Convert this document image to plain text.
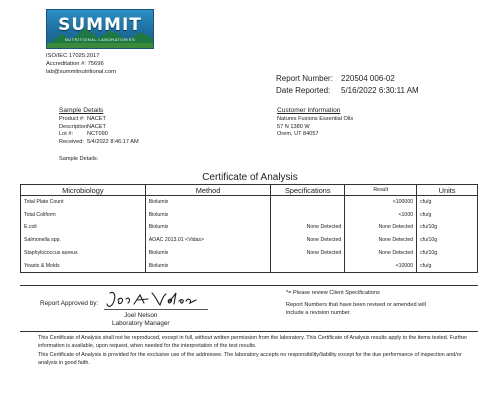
SUMMIT
NUTRITIONAL LABORATORIES
ISO/IEC 17025:2017
Accreditation #: 75696
lab@summitnutritional.com
Report Number:	220504 006-02
Date Reported:	5/16/2022 6:30:11 AM
Sample Details
Product #: NACET
Description:
NACET
Lot #:	NCT090
Received: 5/4/2022 8:46:17 AM
Sample Details:
Customer Information
Natures Fusions Essential Oils
57 N 1380 W
Orem, UT 84057
Certificate of Analysis
Microbiology	Method	Specifications	Result	Units
Total Plate Count	Biolumix		<100000	cfu/g
Total Coliform	Biolumix		<1000	cfu/g
E.coli	Biolumix	None Detected	None Detected	cfu/10g
Salmonella spp.	AOAC 2013.01 <Vidas>	None Detected	None Detected	cfu/10g
Staphylococcus aureus	Biolumix	None Detected	None Detected	cfu/10g
Yeasts & Molds	Biolumix		<10000	cfu/g
Report Approved by:
Joel Nelson
Laboratory Manager

*= Please review Client Specifications

Report Numbers that have been revised or amended will include a revision number.

This Certificate of Analysis shall not be reproduced, except in full, without written permission from the laboratory. This Certificate of Analysis results apply to the items tested. Further information is available, upon request, when needed for the interpretation of the test results.
This Certificate of Analysis is provided for the exclusive use of the addressee. The laboratory accepts no responsibility/liability except for the due performance of inspection and/or analysis in good faith.
